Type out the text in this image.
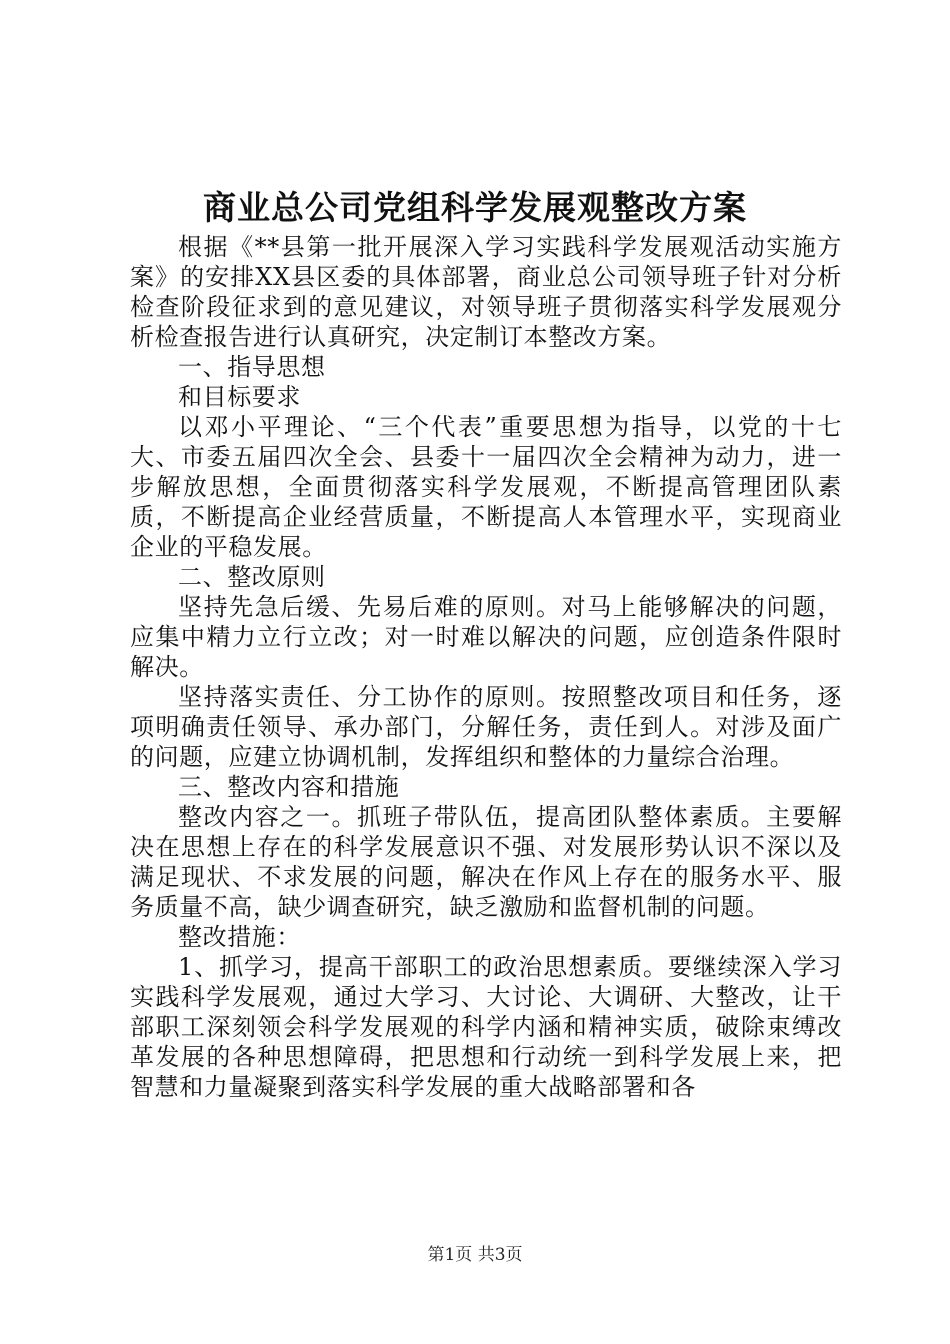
商业总公司党组科学发展观整改方案

根据《**县第一批开展深入学习实践科学发展观活动实施方案》的安排XX县区委的具体部署，商业总公司领导班子针对分析检查阶段征求到的意见建议，对领导班子贯彻落实科学发展观分析检查报告进行认真研究，决定制订本整改方案。

一、指导思想

和目标要求

以邓小平理论、“三个代表”重要思想为指导，以党的十七大、市委五届四次全会、县委十一届四次全会精神为动力，进一步解放思想，全面贯彻落实科学发展观，不断提高管理团队素质，不断提高企业经营质量，不断提高人本管理水平，实现商业企业的平稳发展。

二、整改原则

坚持先急后缓、先易后难的原则。对马上能够解决的问题，应集中精力立行立改；对一时难以解决的问题，应创造条件限时解决。

坚持落实责任、分工协作的原则。按照整改项目和任务，逐项明确责任领导、承办部门，分解任务，责任到人。对涉及面广的问题，应建立协调机制，发挥组织和整体的力量综合治理。

三、整改内容和措施

整改内容之一。抓班子带队伍，提高团队整体素质。主要解决在思想上存在的科学发展意识不强、对发展形势认识不深以及满足现状、不求发展的问题，解决在作风上存在的服务水平、服务质量不高，缺少调查研究，缺乏激励和监督机制的问题。

整改措施：

1、抓学习，提高干部职工的政治思想素质。要继续深入学习实践科学发展观，通过大学习、大讨论、大调研、大整改，让干部职工深刻领会科学发展观的科学内涵和精神实质，破除束缚改革发展的各种思想障碍，把思想和行动统一到科学发展上来，把智慧和力量凝聚到落实科学发展的重大战略部署和各

第1页 共3页
